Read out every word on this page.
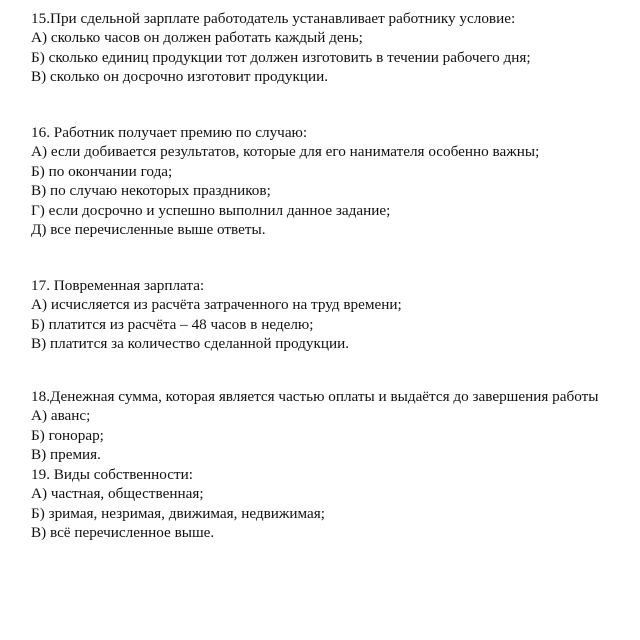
15.При сдельной зарплате работодатель устанавливает работнику условие:
А) сколько часов он должен работать каждый день;
Б) сколько единиц продукции тот должен изготовить в течении рабочего дня;
В) сколько он досрочно изготовит продукции.
16. Работник получает премию по случаю:
А) если добивается результатов, которые для его нанимателя особенно важны;
Б) по окончании года;
В) по случаю некоторых праздников;
Г) если досрочно и успешно выполнил данное задание;
Д) все перечисленные выше ответы.
17. Повременная зарплата:
А) исчисляется из расчёта затраченного на труд времени;
Б) платится из расчёта – 48 часов в неделю;
В) платится за количество сделанной продукции.
18.Денежная сумма, которая является частью оплаты и выдаётся до завершения работы
А) аванс;
Б) гонорар;
В) премия.
19. Виды собственности:
А) частная, общественная;
Б) зримая, незримая, движимая, недвижимая;
В) всё перечисленное выше.
